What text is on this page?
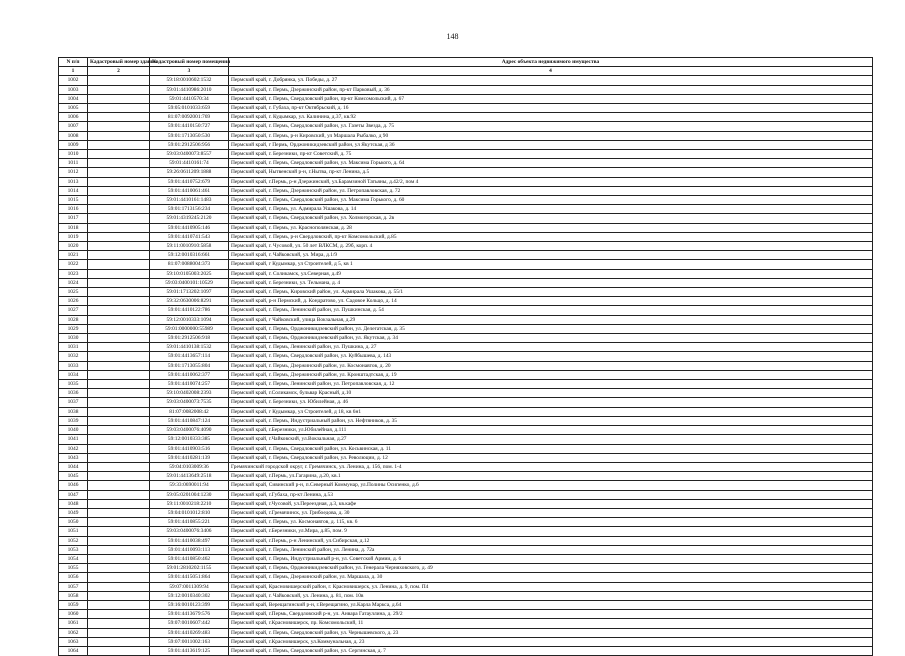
148
N п/п	Кадастровый номер здания	Кадастровый номер помещения	Адрес объекта недвижимого имущества
1	2	3	4
1002		59:18:0010602:1532	Пермский край, г. Добрянка, ул. Победы, д. 27
1003		59:01:4410986:2010	Пермский край, г. Пермь, Дзержинский район, пр-кт Парковый, д. 36
1004		59:01:4410570:34	Пермский край, г. Пермь, Свердловский район, пр-кт Комсомольский, д. 67
1005		59:05:0101033:659	Пермский край, г. Губаха, пр-кт Октябрьский, д. 16
1006		81:07:0092001:769	Пермский край, г. Кудымкар, ул. Калинина, д.37, кв.92
1007		59:01:4410150:727	Пермский край, г. Пермь, Свердловский район, ул. Газеты Звезда, д. 75
1008		59:01:1713050:530	Пермский край, г. Пермь, р-н Кировский, ул Маршала Рыбалко, д 90
1009		59:01:2912506:956	Пермский край, г Пермь, Орджоникидзевский район, ул Якутская, д 36
1010		59:03:0400073:8557	Пермский край, г. Березники, пр-кт Советский, д. 75
1011		59:01:4410161:74	Пермский край, г. Пермь, Свердловский район, ул. Максима Горького, д. 64
1012		59:26:0611209:1888	Пермский край, Нытвенский р-н, г.Нытва, пр-кт Ленина, д.5
1013		59:01:4410752:679	Пермский край, г.Пермь, р-н Дзержинский, ул.Барамзиной Татьяны, д.42/2, пом 4
1014		59:01:4410061:461	Пермский край, г. Пермь, Дзержинский район, ул. Петропавловская, д. 72
1015		59:01:4410161:1483	Пермский край, г. Пермь, Свердловский район, ул. Максима Горького, д. 60
1016		59:01:1713156:234	Пермский край, г. Пермь, ул. Адмирала Ушакова, д. 14
1017		59:01:4319245:2120	Пермский край, г. Пермь, Свердловский район, ул. Холмогорская, д. 2в
1018		59:01:4410905:146	Пермский край, г. Пермь, ул. Краснополянская, д. 28
1019		59:01:4410741:543	Пермский край, г. Пермь, р-н Свердловский, пр-кт Комсомольский, д.85
1020		59:11:0010910:5858	Пермский край, г. Чусовой, ул. 50 лет ВЛКСМ, д. 29б, корп. 4
1021		59:12:0010316:661	Пермский край, г. Чайковский, ул. Мира, д.1/9
1022		81:07:0088004:373	Пермский край, г Кудымкар, ул Строителей, д 5, кв 1
1023		59:10:0105003:2025	Пермский край, г. Соликамск, ул.Северная, д.49
1024		59:03:0400101:10529	Пермский край, г. Березники, ул. Тельмана, д. 4
1025		59:01:1713202:1097	Пермский край, г. Пермь, Кировский район, ул. Адмирала Ушакова, д. 55/1
1026		59:32:0630006:8291	Пермский край, р-н Пермский, д. Кондратово, ул. Садовое Кольцо, д. 14
1027		59:01:4410122:786	Пермский край, г. Пермь, Ленинский район, ул. Пушкинская, д. 54
1028		59:12:0010333:1094	Пермский край, г Чайковский, улица Вокзальная, д.29
1029		59:01:0000000:55989	Пермский край, г. Пермь, Орджоникидзевский район, ул. Делегатская, д. 35
1030		59:01:2912506:918	Пермский край, г. Пермь, Орджоникидзевский район, ул. Якутская, д. 34
1031		59:01:4410138:1532	Пермский край, г. Пермь, Ленинский район, ул. Пушкина, д. 27
1032		59:01:4413657:114	Пермский край, г. Пермь, Свердловский район, ул. Куйбышева, д. 143
1033		59:01:1713055:804	Пермский край, г. Пермь, Дзержинский район, ул. Космонавтов, д. 20
1034		59:01:4410062:377	Пермский край, г. Пермь, Дзержинский район, ул. Кронштадтская, д. 19
1035		59:01:4410074:257	Пермский край, г. Пермь, Ленинский район, ул. Петропавловская, д. 12
1036		59:10:0402008:2393	Пермский край, г.Соликамск, бульвар Красный, д.10
1037		59:03:0400073:7535	Пермский край, г. Березники, ул. Юбилейная, д. 46
1038		81:07:0082008:42	Пермский край, г Кудымкар, ул Строителей, д 18, кв 6н1
1039		59:01:4410847:124	Пермский край, г. Пермь, Индустриальный район, ул. Нефтяников, д. 35
1040		59:03:0400076:4090	Пермский край, г.Березники, ул.Юбилейная, д.111
1041		59:12:0010333:385	Пермский край, г.Чайковский, ул.Вокзальная, д.27
1042		59:01:4410903:516	Пермский край, г. Пермь, Свердловский район, ул. Косьвинская, д. 11
1043		59:01:4410281:139	Пермский край, г. Пермь, Свердловский район, ул. Революции, д. 12
1044		59:04:0103009:36	Гремячинский городской округ, г. Гремячинск, ул. Ленина, д. 156, пом. 1-4
1045		59:01:4413649:2518	Пермский край, г.Пермь, ул.Гагарина, д.20, кв.1
1046		59:33:0690011:94	Пермский край, Сивинский р-н, п.Северный Коммунар, ул.Полины Осипенко, д.6
1047		59:05:0201004:1230	Пермский край, г.Губаха, пр-кт Ленина, д.53
1048		59:11:0010218:2210	Пермский край, г.Чусовой, ул.Переездная, д.3, кв.кафе
1049		59:04:0101012:810	Пермский край, г.Гремячинск, ул. Грибоедова, д. 30
1050		59:01:4410855:221	Пермский край, г. Пермь, ул. Космонавтов, д. 115, кв. 6
1051		59:03:0400076:3406	Пермский край, г.Березники, ул.Мира, д.85, пом. 9
1052		59:01:4410038:497	Пермский край, г.Пермь, р-н Ленинский, ул.Сибирская, д.12
1053		59:01:4410093:113	Пермский край, г. Пермь, Ленинский район, ул. Ленина, д. 72а
1054		59:01:4410850:462	Пермский край, г. Пермь, Индустриальный р-н, ул. Советской Армии, д. 6
1055		59:01:2810202:1155	Пермский край, г. Пермь, Орджоникидзевский район, ул. Генерала Черняховского, д. 49
1056		59:01:4415051:864	Пермский край, г. Пермь, Дзержинский район, ул. Маршала, д. 30
1057		59:07:0011309:94	Пермский край, Красновишерский район, г. Красновишерск, ул. Ленина, д. 9, пом. П4
1058		59:12:0010340:302	Пермский край, г. Чайковский, ул. Ленина, д. 81, пом. 10в
1059		59:16:0010123:399	Пермский край, Верещагинский р-н, г.Верещагино, ул.Карла Маркса, д.64
1060		59:01:4413679:576	Пермский край, г.Пермь, Свердловский р-н, ул. Анвара Гатауллина, д. 29/2
1061		59:07:0010607:442	Пермский край, г.Красновишерск, пр. Комсомольский, 11
1062		59:01:4410269:483	Пермский край, г. Пермь, Свердловский район, ул. Чернышевского, д. 23
1063		59:07:0011002:163	Пермский край, г.Красновишерск, ул.Коммунальная, д. 23
1064		59:01:4413619:125	Пермский край, г. Пермь, Свердловский район, ул. Сергинская, д. 7
